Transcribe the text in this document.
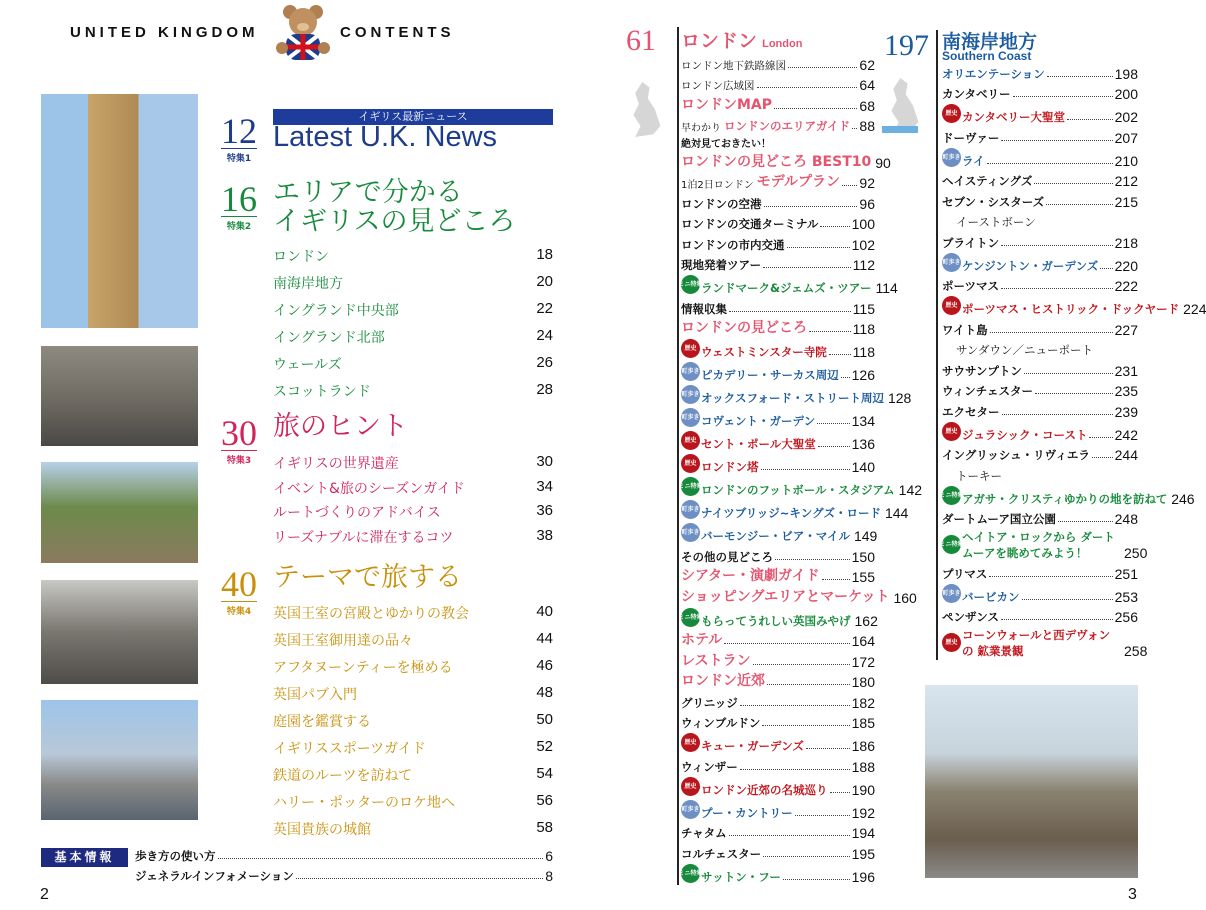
UNITED KINGDOM	CONTENTS
12
特集1
イギリス最新ニュース
Latest U.K. News
16
特集2
エリアで分かる
イギリスの見どころ
ロンドン	18
南海岸地方	20
イングランド中央部	22
イングランド北部	24
ウェールズ	26
スコットランド	28
30
特集3
旅のヒント
イギリスの世界遺産	30
イベント&旅のシーズンガイド	34
ルートづくりのアドバイス	36
リーズナブルに滞在するコツ	38
40
特集4
テーマで旅する
英国王室の宮殿とゆかりの教会	40
英国王室御用達の品々	44
アフタヌーンティーを極める	46
英国パブ入門	48
庭園を鑑賞する	50
イギリススポーツガイド	52
鉄道のルーツを訪ねて	54
ハリー・ポッターのロケ地へ	56
英国貴族の城館	58
基本情報	歩き方の使い方	6
ジェネラルインフォメーション	8
61 ロンドン London
ロンドン地下鉄路線図	62
ロンドン広域図	64
ロンドンMAP	68
早わかり ロンドンのエリアガイド 88
絶対見ておきたい！
ロンドンの見どころ BEST10 90
1泊2日ロンドン モデルプラン 92
ロンドンの空港	96
ロンドンの交通ターミナル 100
ロンドンの市内交通	102
現地発着ツアー	112
ミニ特集
ランドマーク&ジェムズ・ツアー 114
情報収集	115
ロンドンの見どころ	118
歴史 ウェストミンスター寺院 118
町歩き ピカデリー・サーカス周辺 126
町歩き オックスフォード・ストリート周辺 128
町歩き コヴェント・ガーデン	134
歴史 セント・ポール大聖堂	136
歴史 ロンドン塔	140
ミニ特集
ロンドンのフットボール・スタジアム 142
町歩き ナイツブリッジ~キングズ・ロード 144
町歩き バーモンジー・ビア・マイル 149
その他の見どころ	150
シアター・演劇ガイド 155
ショッピングエリアとマーケット 160
ミニ特集
もらってうれしい英国みやげ 162
ホテル	164
レストラン	172
ロンドン近郊	180
グリニッジ	182
ウィンブルドン	185
歴史 キュー・ガーデンズ	186
ウィンザー	188
歴史 ロンドン近郊の名城巡り 190
町歩き プー・カントリー	192
チャタム	194
コルチェスター	195
ミニ特集
サットン・フー	196
197 南海岸地方
Southern Coast
オリエンテーション	198
カンタベリー	200
歴史 カンタベリー大聖堂	202
ドーヴァー	207
町歩き ライ	210
ヘイスティングズ	212
セブン・シスターズ	215
イーストボーン
ブライトン	218
町歩き ケンジントン・ガーデンズ 220
ポーツマス	222
歴史 ポーツマス・ヒストリック・ドックヤード 224
ワイト島	227
サンダウン／ニューポート
サウサンプトン	231
ウィンチェスター	235
エクセター	239
歴史 ジュラシック・コースト 242
イングリッシュ・リヴィエラ 244
トーキー
ミニ特集
アガサ・クリスティゆかりの地を訪ねて 246
ダートムーア国立公園	248
ミニ特集
ヘイトア・ロックから ダートムーアを眺めてみよう！	250
プリマス	251
町歩き バービカン	253
ペンザンス	256
歴史 コーンウォールと西デヴォンの 鉱業景観	258
2	3
